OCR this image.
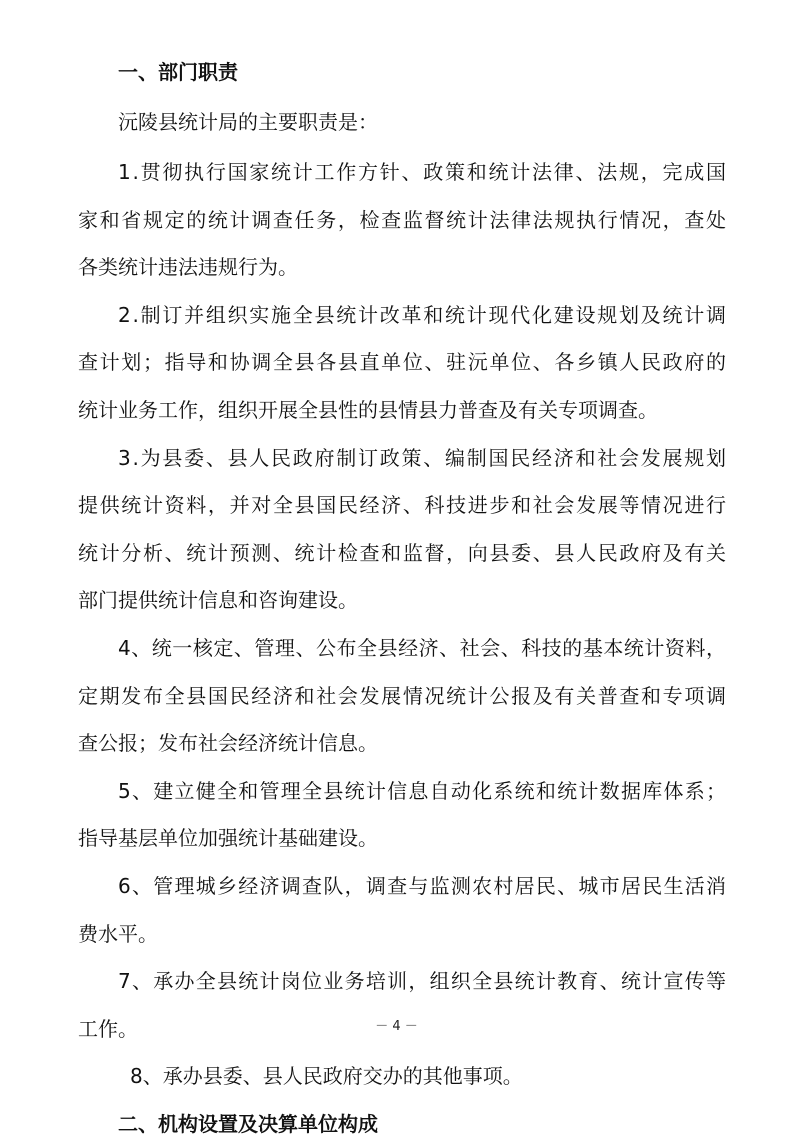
一、部门职责
沅陵县统计局的主要职责是：
1.贯彻执行国家统计工作方针、政策和统计法律、法规，完成国
家和省规定的统计调查任务，检查监督统计法律法规执行情况，查处
各类统计违法违规行为。
2.制订并组织实施全县统计改革和统计现代化建设规划及统计调
查计划；指导和协调全县各县直单位、驻沅单位、各乡镇人民政府的
统计业务工作，组织开展全县性的县情县力普查及有关专项调查。
3.为县委、县人民政府制订政策、编制国民经济和社会发展规划
提供统计资料，并对全县国民经济、科技进步和社会发展等情况进行
统计分析、统计预测、统计检查和监督，向县委、县人民政府及有关
部门提供统计信息和咨询建设。
4、统一核定、管理、公布全县经济、社会、科技的基本统计资料，
定期发布全县国民经济和社会发展情况统计公报及有关普查和专项调
查公报；发布社会经济统计信息。
5、建立健全和管理全县统计信息自动化系统和统计数据库体系；
指导基层单位加强统计基础建设。
6、管理城乡经济调查队，调查与监测农村居民、城市居民生活消
费水平。
7、承办全县统计岗位业务培训，组织全县统计教育、统计宣传等
工作。
8、承办县委、县人民政府交办的其他事项。
二、机构设置及决算单位构成
－ 4 －
